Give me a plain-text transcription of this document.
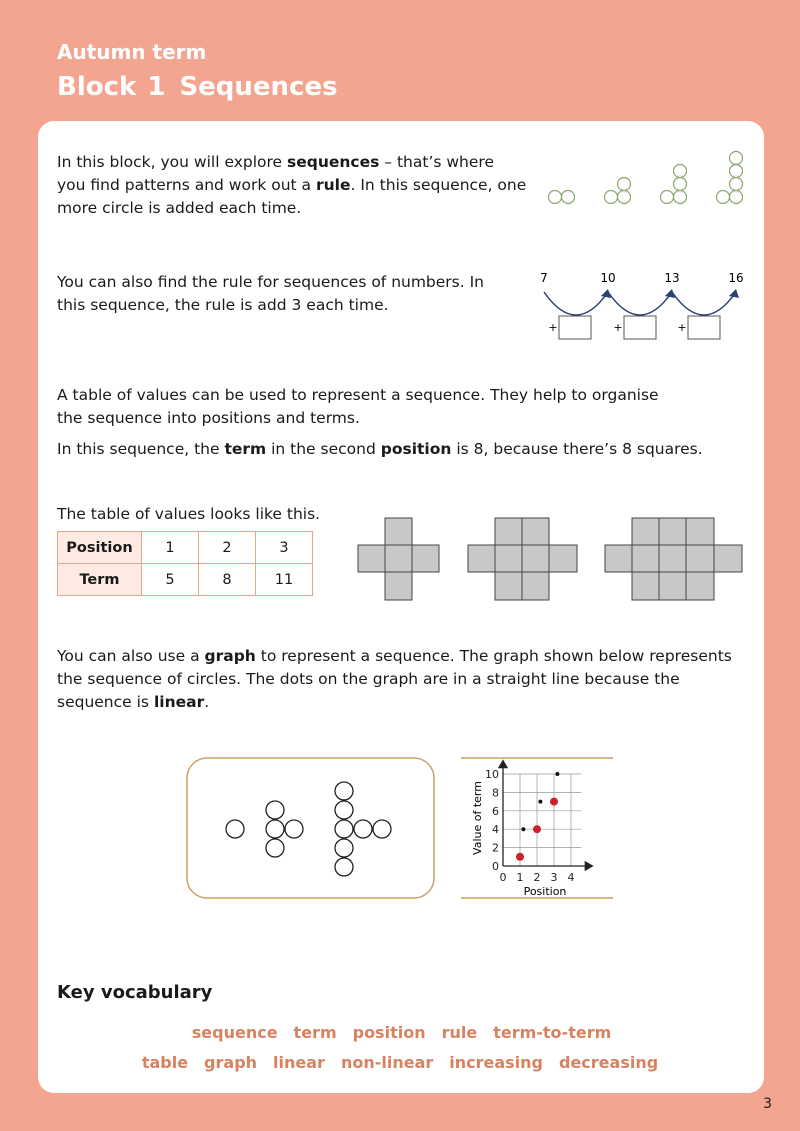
Autumn term
Block 1 Sequences
In this block, you will explore sequences – that’s where you find patterns and work out a rule. In this sequence, one more circle is added each time.
You can also find the rule for sequences of numbers. In this sequence, the rule is add 3 each time.
7	10	13	16
+	+	+
A table of values can be used to represent a sequence. They help to organise the sequence into positions and terms.
In this sequence, the term in the second position is 8, because there’s 8 squares.
The table of values looks like this.
Position	1	2	3
Term	5	8	11
You can also use a graph to represent a sequence. The graph shown below represents the sequence of circles. The dots on the graph are in a straight line because the sequence is linear.
0
2
4
6
8
10
0 1 2 3 4
Value of term
Position
Key vocabulary
sequence term position rule term-to-term
table graph linear non-linear increasing decreasing
3
